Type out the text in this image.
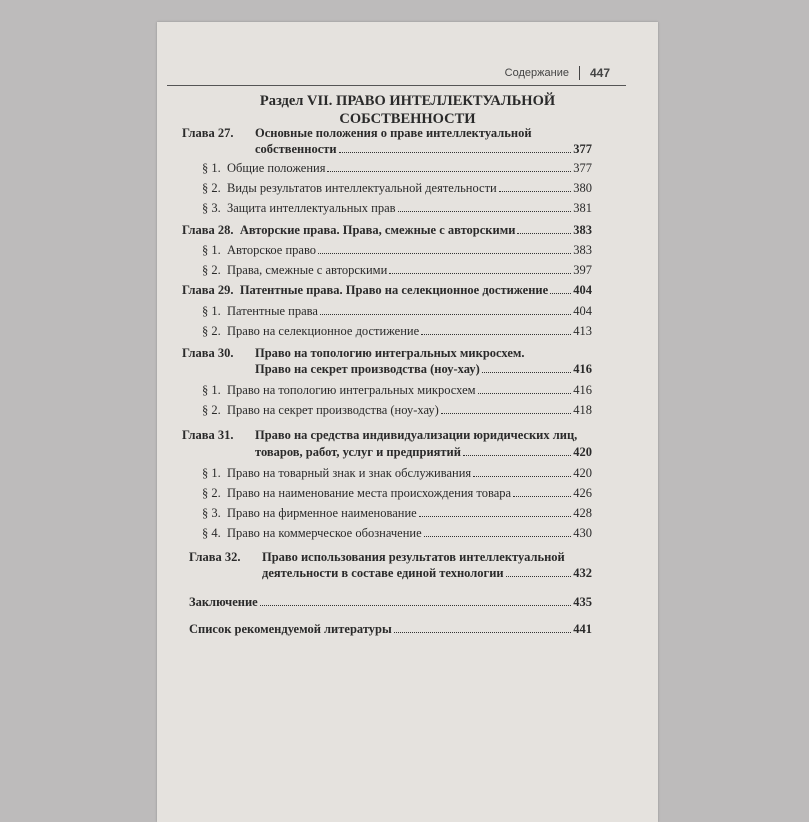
Содержание 447
Раздел VII. ПРАВО ИНТЕЛЛЕКТУАЛЬНОЙ
СОБСТВЕННОСТИ
Глава 27. Основные положения о праве интеллектуальной
собственности	377
§ 1. Общие положения	377
§ 2. Виды результатов интеллектуальной деятельности	380
§ 3. Защита интеллектуальных прав	381
Глава 28. Авторские права. Права, смежные с авторскими	383
§ 1. Авторское право	383
§ 2. Права, смежные с авторскими	397
Глава 29. Патентные права. Право на селекционное достижение 404
§ 1. Патентные права	404
§ 2. Право на селекционное достижение	413
Глава 30. Право на топологию интегральных микросхем.
Право на секрет производства (ноу-хау)	416
§ 1. Право на топологию интегральных микросхем	416
§ 2. Право на секрет производства (ноу-хау)	418
Глава 31. Право на средства индивидуализации юридических лиц,
товаров, работ, услуг и предприятий	420
§ 1. Право на товарный знак и знак обслуживания	420
§ 2. Право на наименование места происхождения товара	426
§ 3. Право на фирменное наименование	428
§ 4. Право на коммерческое обозначение	430
Глава 32. Право использования результатов интеллектуальной
деятельности в составе единой технологии	432
Заключение	435
Список рекомендуемой литературы	441
